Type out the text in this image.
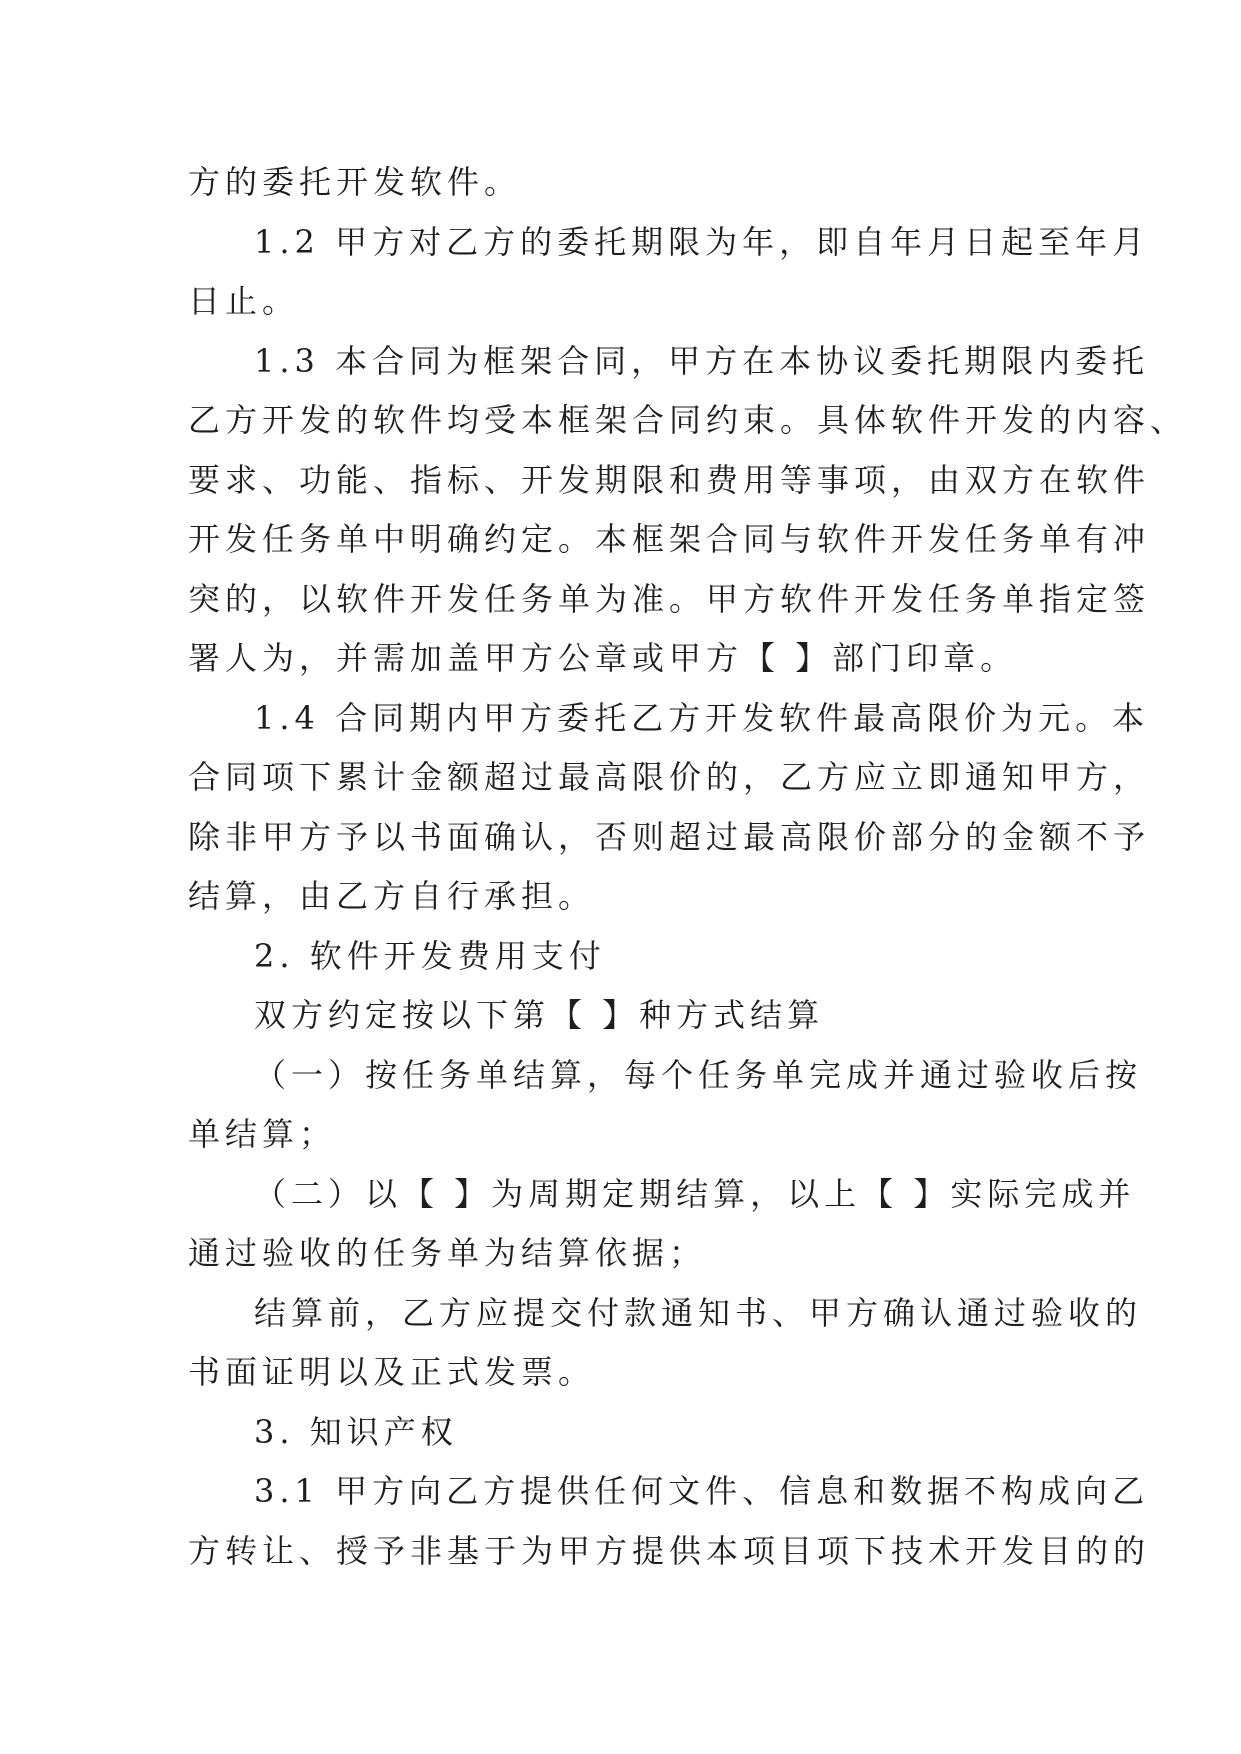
方的委托开发软件。
1.2 甲方对乙方的委托期限为年，即自年月日起至年月
日止。
1.3 本合同为框架合同，甲方在本协议委托期限内委托
乙方开发的软件均受本框架合同约束。具体软件开发的内容、
要求、功能、指标、开发期限和费用等事项，由双方在软件
开发任务单中明确约定。本框架合同与软件开发任务单有冲
突的，以软件开发任务单为准。甲方软件开发任务单指定签
署人为，并需加盖甲方公章或甲方【 】部门印章。
1.4 合同期内甲方委托乙方开发软件最高限价为元。本
合同项下累计金额超过最高限价的，乙方应立即通知甲方，
除非甲方予以书面确认，否则超过最高限价部分的金额不予
结算，由乙方自行承担。
2. 软件开发费用支付
双方约定按以下第【 】种方式结算
（一）按任务单结算，每个任务单完成并通过验收后按
单结算；
（二）以【 】为周期定期结算，以上【 】实际完成并
通过验收的任务单为结算依据；
结算前，乙方应提交付款通知书、甲方确认通过验收的
书面证明以及正式发票。
3. 知识产权
3.1 甲方向乙方提供任何文件、信息和数据不构成向乙
方转让、授予非基于为甲方提供本项目项下技术开发目的的
